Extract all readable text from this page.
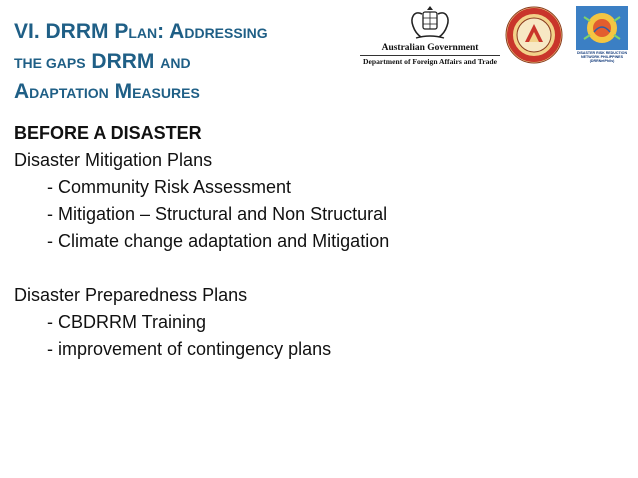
VI. DRRM PLAN: ADDRESSING
THE GAPS DRRM AND
ADAPTATION MEASURES
Australian Government
Department of Foreign Affairs and Trade
DISASTER RISK REDUCTION NETWORK PHILIPPINES (DRRNetPhils)
BEFORE A DISASTER
Disaster Mitigation Plans
- Community Risk Assessment
- Mitigation – Structural and Non Structural
- Climate change adaptation and Mitigation
Disaster Preparedness Plans
- CBDRRM Training
- improvement of contingency plans
